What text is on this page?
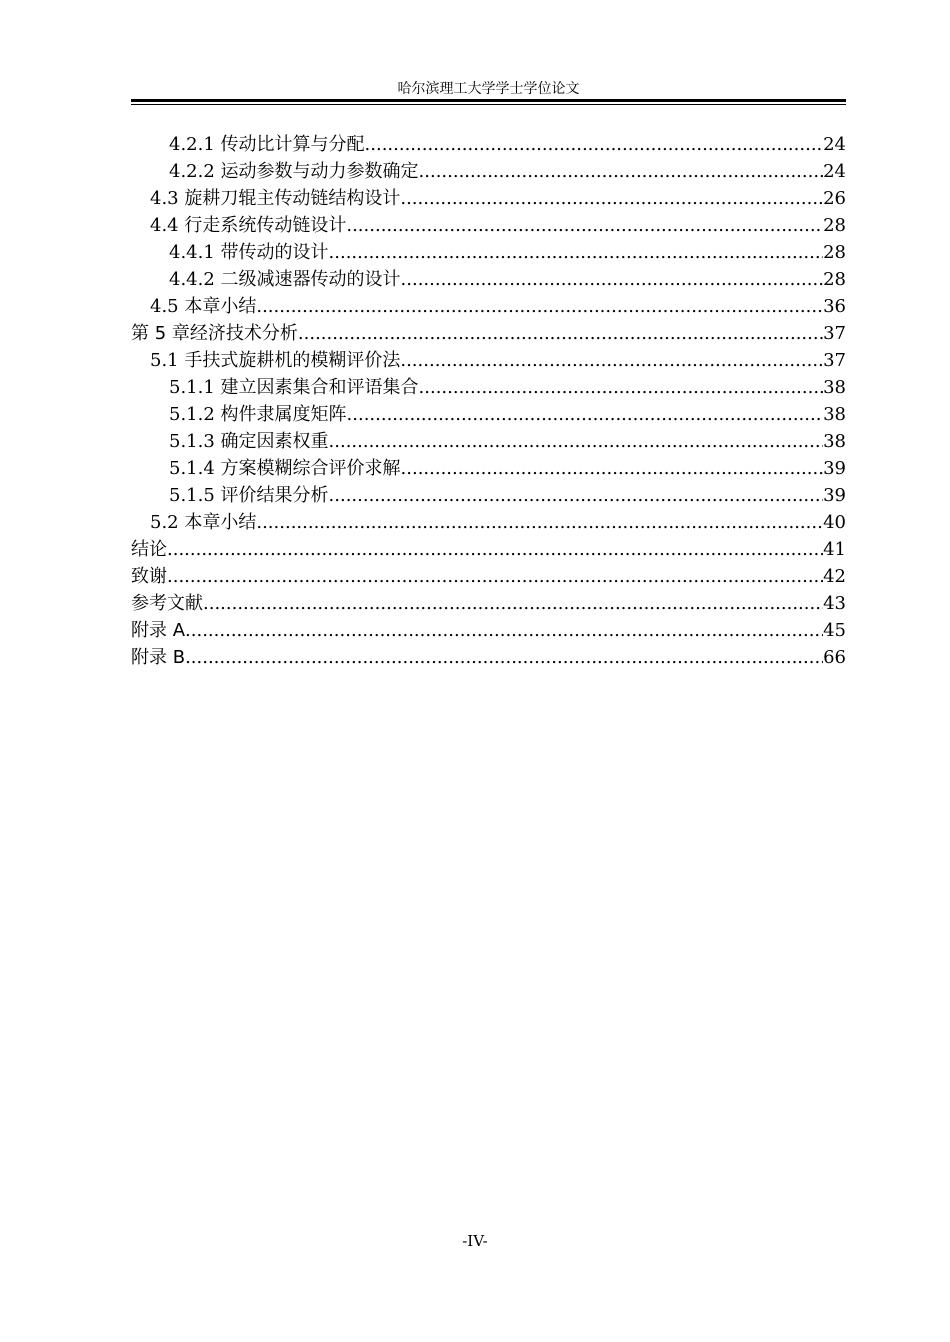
哈尔滨理工大学学士学位论文
4.2.1 传动比计算与分配 .....	24
4.2.2 运动参数与动力参数确定 .....	24
4.3 旋耕刀辊主传动链结构设计 .....	26
4.4 行走系统传动链设计 .....	28
4.4.1 带传动的设计 .....	28
4.4.2 二级减速器传动的设计 .....	28
4.5 本章小结 .....	36
第 5 章经济技术分析 .....	37
5.1 手扶式旋耕机的模糊评价法 .....	37
5.1.1 建立因素集合和评语集合 .....	38
5.1.2 构件隶属度矩阵 .....	38
5.1.3 确定因素权重 .....	38
5.1.4 方案模糊综合评价求解 .....	39
5.1.5 评价结果分析 .....	39
5.2 本章小结 .....	40
结论 .....	41
致谢 .....	42
参考文献 .....	43
附录 A .....	45
附录 B .....	66
-IV-
